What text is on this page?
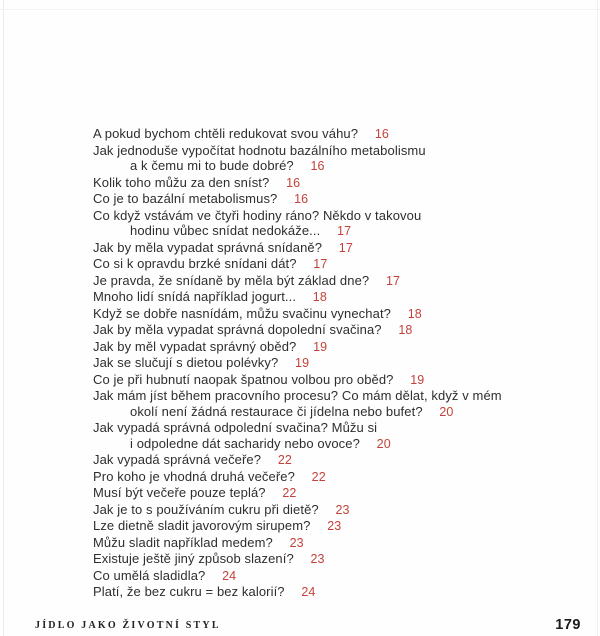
A pokud bychom chtěli redukovat svou váhu? 16
Jak jednoduše vypočítat hodnotu bazálního metabolismu
a k čemu mi to bude dobré? 16
Kolik toho můžu za den sníst? 16
Co je to bazální metabolismus? 16
Co když vstávám ve čtyři hodiny ráno? Někdo v takovou
hodinu vůbec snídat nedokáže... 17
Jak by měla vypadat správná snídaně? 17
Co si k opravdu brzké snídani dát? 17
Je pravda, že snídaně by měla být základ dne? 17
Mnoho lidí snídá například jogurt... 18
Když se dobře nasnídám, můžu svačinu vynechat? 18
Jak by měla vypadat správná dopolední svačina? 18
Jak by měl vypadat správný oběd? 19
Jak se slučují s dietou polévky? 19
Co je při hubnutí naopak špatnou volbou pro oběd? 19
Jak mám jíst během pracovního procesu? Co mám dělat, když v mém
okolí není žádná restaurace či jídelna nebo bufet? 20
Jak vypadá správná odpolední svačina? Můžu si
i odpoledne dát sacharidy nebo ovoce? 20
Jak vypadá správná večeře? 22
Pro koho je vhodná druhá večeře? 22
Musí být večeře pouze teplá? 22
Jak je to s používáním cukru při dietě? 23
Lze dietně sladit javorovým sirupem? 23
Můžu sladit například medem? 23
Existuje ještě jiný způsob slazení? 23
Co umělá sladidla? 24
Platí, že bez cukru = bez kalorií? 24
JÍDLO JAKO ŽIVOTNÍ STYL	179
